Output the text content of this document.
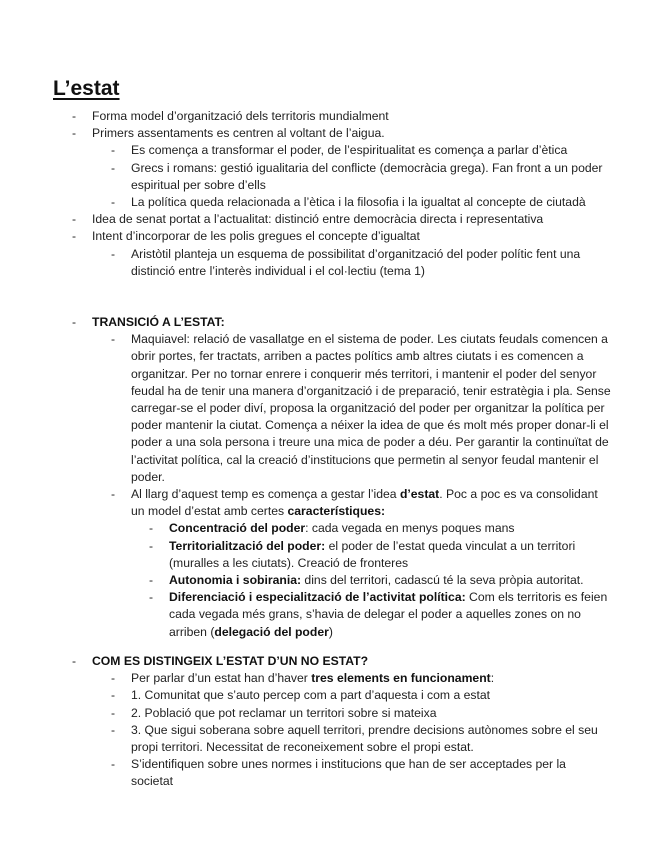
L’estat
- Forma model d’organització dels territoris mundialment
- Primers assentaments es centren al voltant de l’aigua.
- Es comença a transformar el poder, de l’espiritualitat es comença a parlar d’ètica
- Grecs i romans: gestió igualitaria del conflicte (democràcia grega). Fan front a un poder espiritual per sobre d’ells
- La política queda relacionada a l’ètica i la filosofia i la igualtat al concepte de ciutadà
- Idea de senat portat a l’actualitat: distinció entre democràcia directa i representativa
- Intent d’incorporar de les polis gregues el concepte d’igualtat
- Aristòtil planteja un esquema de possibilitat d’organització del poder polític fent una distinció entre l’interès individual i el col·lectiu (tema 1)
- TRANSICIÓ A L’ESTAT:
- Maquiavel: relació de vasallatge en el sistema de poder. Les ciutats feudals comencen a obrir portes, fer tractats, arriben a pactes polítics amb altres ciutats i es comencen a organitzar. Per no tornar enrere i conquerir més territori, i mantenir el poder del senyor feudal ha de tenir una manera d’organització i de preparació, tenir estratègia i pla. Sense carregar-se el poder diví, proposa la organització del poder per organitzar la política per poder mantenir la ciutat. Comença a néixer la idea de que és molt més proper donar-li el poder a una sola persona i treure una mica de poder a déu. Per garantir la continuïtat de l’activitat política, cal la creació d’institucions que permetin al senyor feudal mantenir el poder.
- Al llarg d’aquest temp es comença a gestar l’idea d’estat. Poc a poc es va consolidant un model d’estat amb certes característiques:
- Concentració del poder: cada vegada en menys poques mans
- Territorialització del poder: el poder de l’estat queda vinculat a un territori (muralles a les ciutats). Creació de fronteres
- Autonomia i sobirania: dins del territori, cadascú té la seva pròpia autoritat.
- Diferenciació i especialització de l’activitat política: Com els territoris es feien cada vegada més grans, s’havia de delegar el poder a aquelles zones on no arriben (delegació del poder)
- COM ES DISTINGEIX L’ESTAT D’UN NO ESTAT?
- Per parlar d’un estat han d’haver tres elements en funcionament:
- 1. Comunitat que s’auto percep com a part d’aquesta i com a estat
- 2. Població que pot reclamar un territori sobre si mateixa
- 3. Que sigui soberana sobre aquell territori, prendre decisions autònomes sobre el seu propi territori. Necessitat de reconeixement sobre el propi estat.
- S’identifiquen sobre unes normes i institucions que han de ser acceptades per la societat
